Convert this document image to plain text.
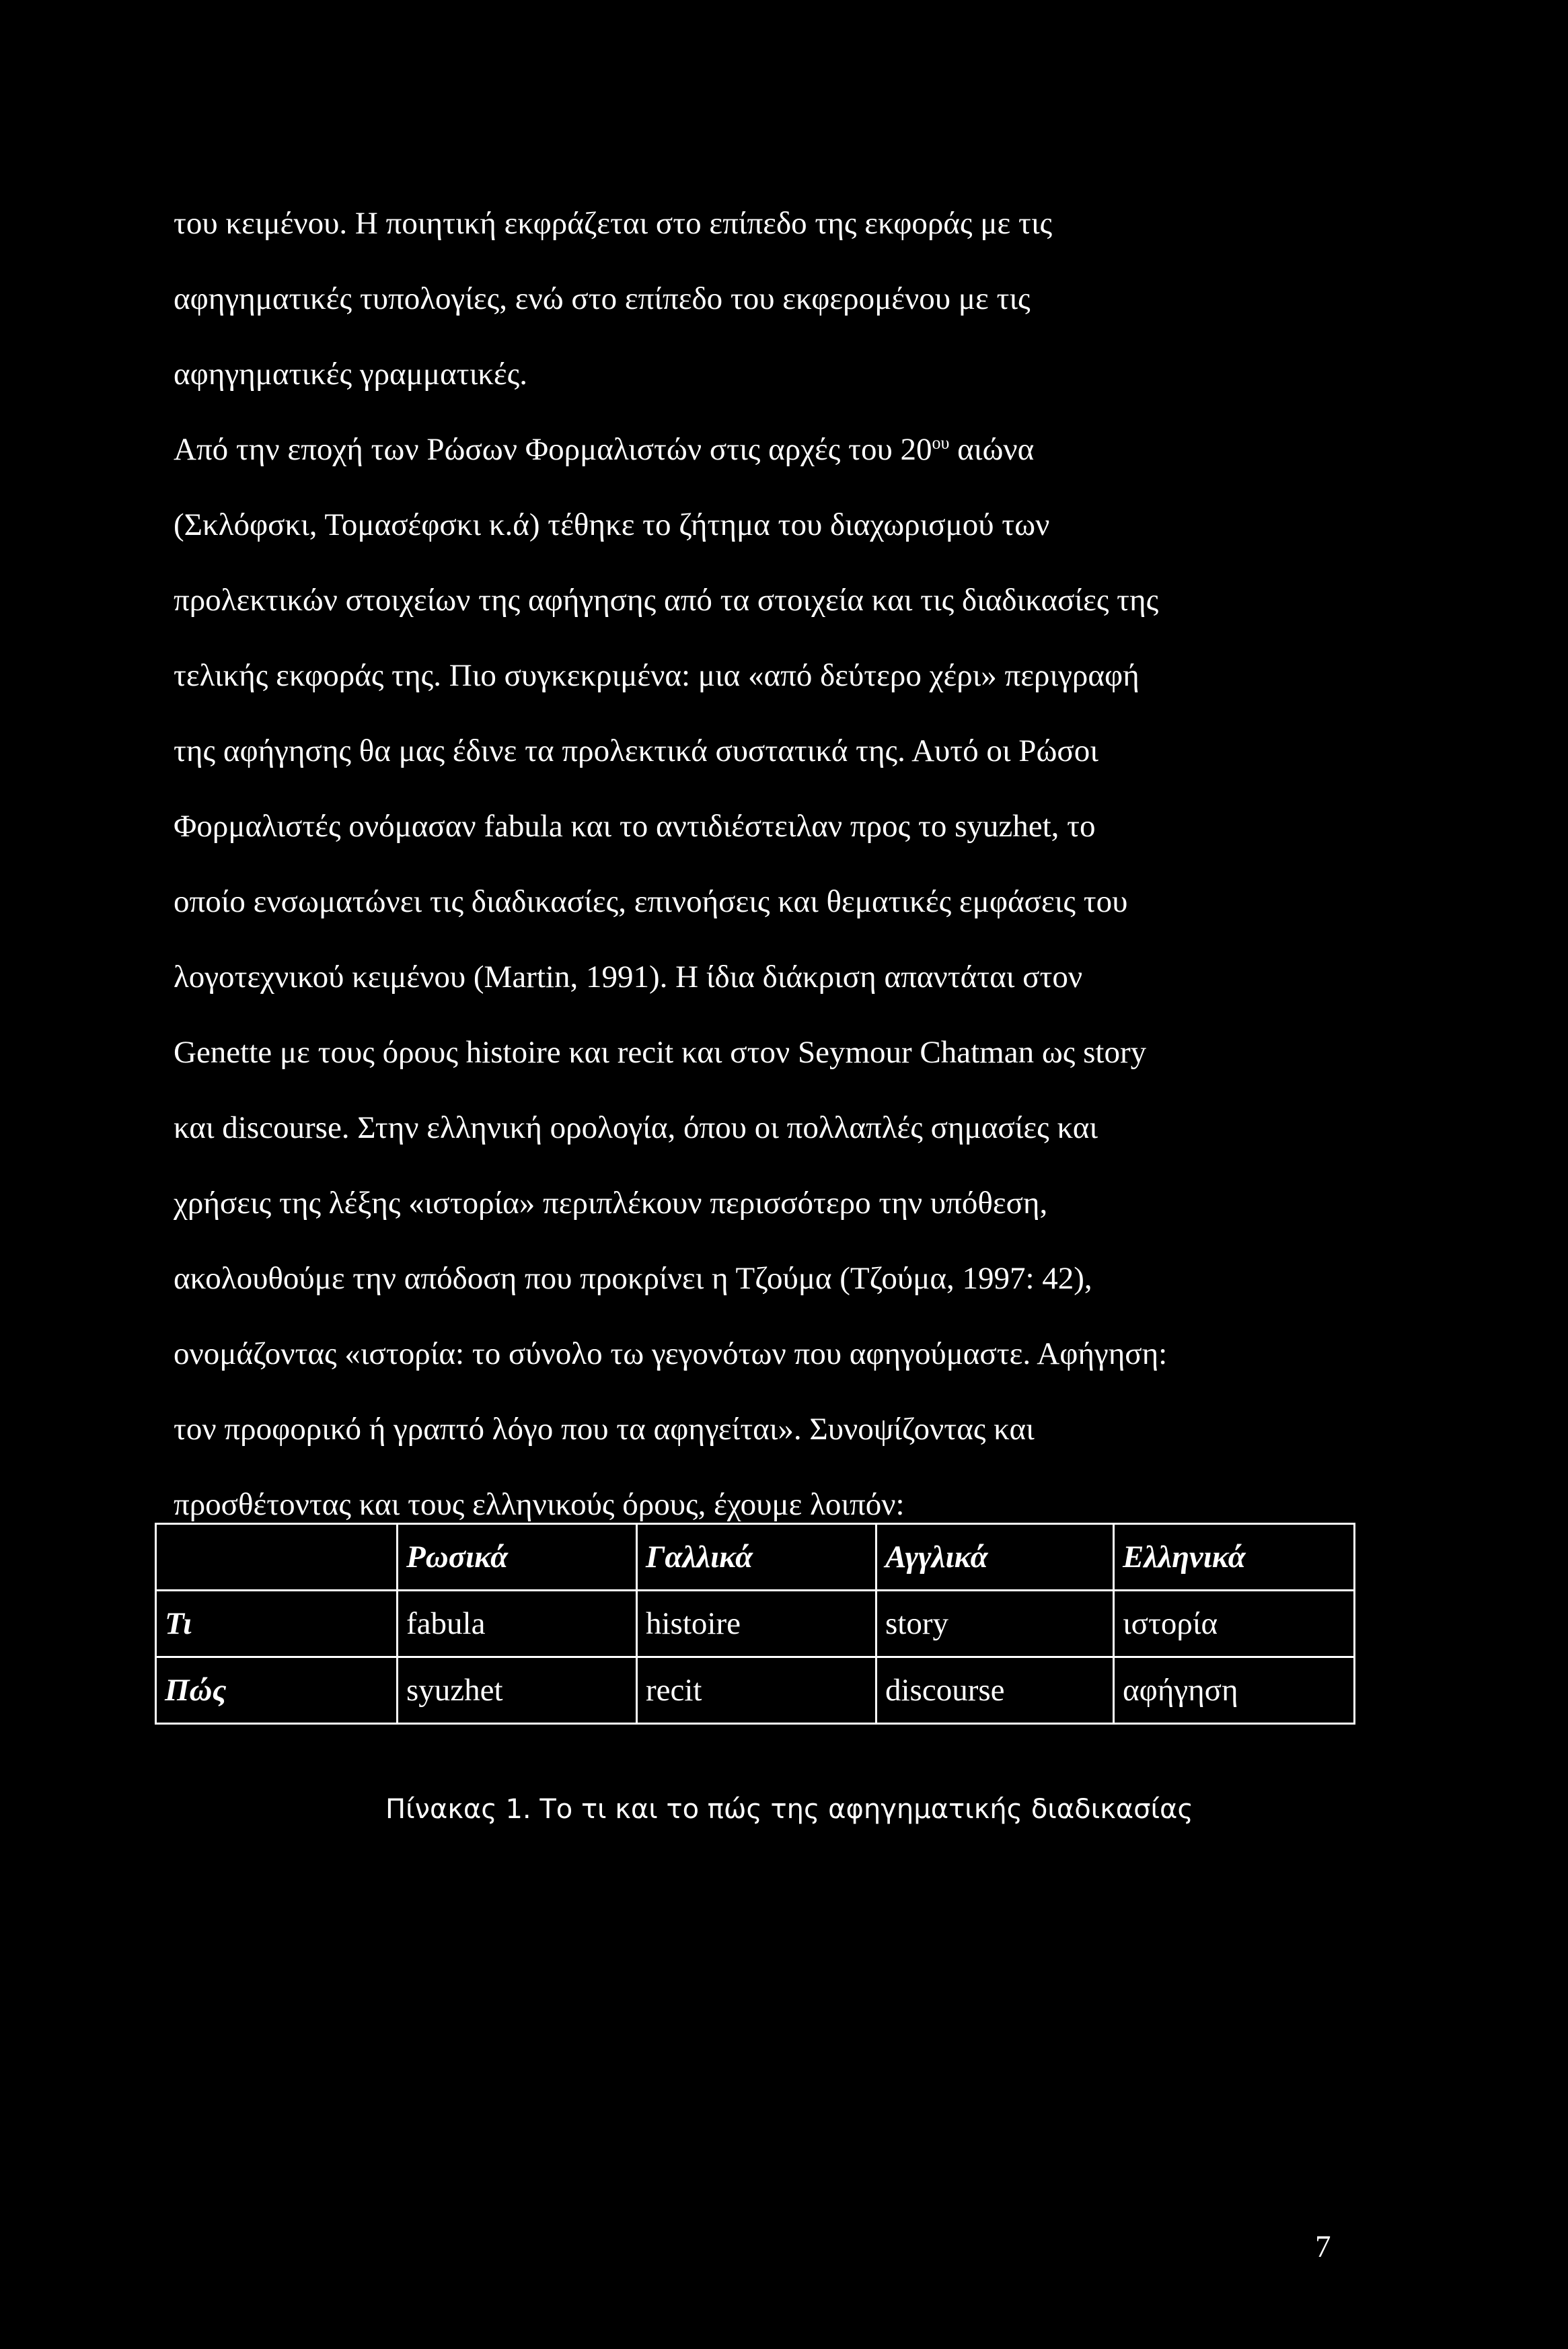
του κειμένου. Η ποιητική εκφράζεται στο επίπεδο της εκφοράς με τις
αφηγηματικές τυπολογίες, ενώ στο επίπεδο του εκφερομένου με τις
αφηγηματικές γραμματικές.
Από την εποχή των Ρώσων Φορμαλιστών στις αρχές του $20^{o\upsilon}$ αιώνα
(Σκλόφσκι, Τομασέφσκι κ.ά) τέθηκε το ζήτημα του διαχωρισμού των
προλεκτικών στοιχείων της αφήγησης από τα στοιχεία και τις διαδικασίες της
τελικής εκφοράς της. Πιο συγκεκριμένα: μια «από δεύτερο χέρι» περιγραφή
της αφήγησης θα μας έδινε τα προλεκτικά συστατικά της. Αυτό οι Ρώσοι
Φορμαλιστές ονόμασαν fabula και το αντιδιέστειλαν προς το syuzhet, το
οποίο ενσωματώνει τις διαδικασίες, επινοήσεις και θεματικές εμφάσεις του
λογοτεχνικού κειμένου (Martin, 1991). Η ίδια διάκριση απαντάται στον
Genette με τους όρους histoire και recit και στον Seymour Chatman ως story
και discourse. Στην ελληνική ορολογία, όπου οι πολλαπλές σημασίες και
χρήσεις της λέξης «ιστορία» περιπλέκουν περισσότερο την υπόθεση,
ακολουθούμε την απόδοση που προκρίνει η Τζούμα (Τζούμα, 1997: 42),
ονομάζοντας «ιστορία: το σύνολο τω γεγονότων που αφηγούμαστε. Αφήγηση:
τον προφορικό ή γραπτό λόγο που τα αφηγείται». Συνοψίζοντας και
προσθέτοντας και τους ελληνικούς όρους, έχουμε λοιπόν:
	Ρωσικά	Γαλλικά	Αγγλικά	Ελληνικά
Τι	fabula	histoire	story	ιστορία
Πώς	syuzhet	recit	discourse	αφήγηση
Πίνακας 1. Το τι και το πώς της αφηγηματικής διαδικασίας
7
